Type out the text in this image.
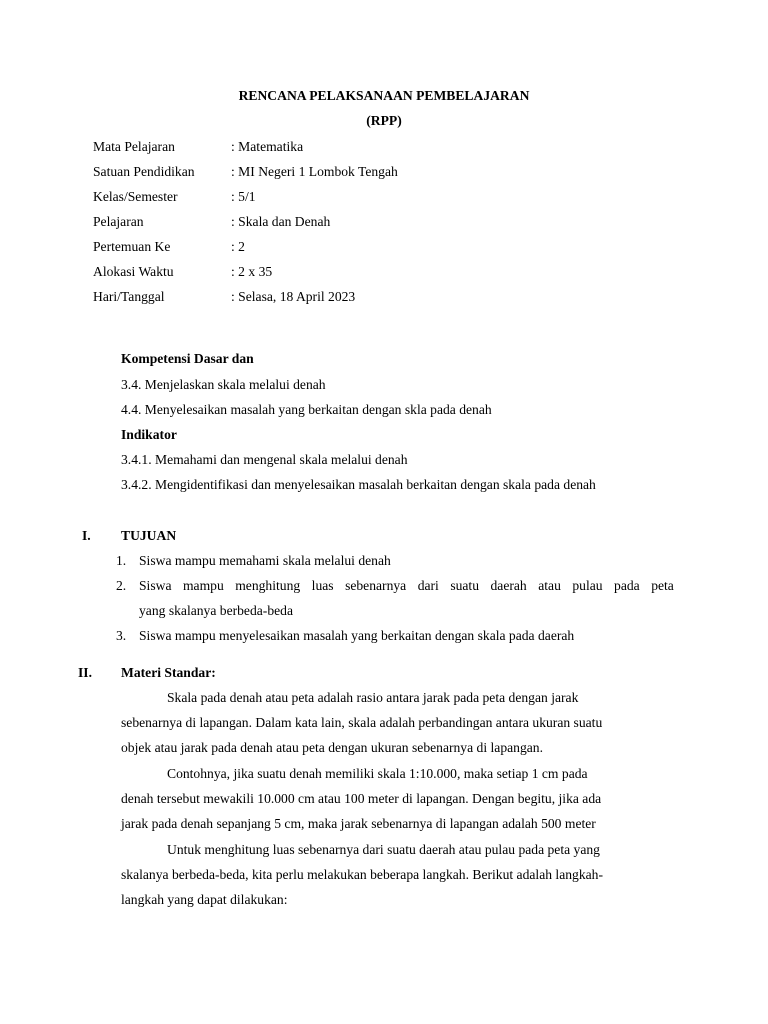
RENCANA PELAKSANAAN PEMBELAJARAN
(RPP)
Mata Pelajaran	: Matematika
Satuan Pendidikan	: MI Negeri 1 Lombok Tengah
Kelas/Semester	: 5/1
Pelajaran	: Skala dan Denah
Pertemuan Ke	: 2
Alokasi Waktu	: 2 x 35
Hari/Tanggal	: Selasa, 18 April 2023
Kompetensi Dasar dan
3.4. Menjelaskan skala melalui denah
4.4. Menyelesaikan masalah yang berkaitan dengan skla pada denah
Indikator
3.4.1. Memahami dan mengenal skala melalui denah
3.4.2. Mengidentifikasi dan menyelesaikan masalah berkaitan dengan skala pada denah
I. TUJUAN
1. Siswa mampu memahami skala melalui denah
2. Siswa mampu menghitung luas sebenarnya dari suatu daerah atau pulau pada peta
yang skalanya berbeda-beda
3. Siswa mampu menyelesaikan masalah yang berkaitan dengan skala pada daerah
II. Materi Standar:
Skala pada denah atau peta adalah rasio antara jarak pada peta dengan jarak
sebenarnya di lapangan. Dalam kata lain, skala adalah perbandingan antara ukuran suatu
objek atau jarak pada denah atau peta dengan ukuran sebenarnya di lapangan.
Contohnya, jika suatu denah memiliki skala 1:10.000, maka setiap 1 cm pada
denah tersebut mewakili 10.000 cm atau 100 meter di lapangan. Dengan begitu, jika ada
jarak pada denah sepanjang 5 cm, maka jarak sebenarnya di lapangan adalah 500 meter
Untuk menghitung luas sebenarnya dari suatu daerah atau pulau pada peta yang
skalanya berbeda-beda, kita perlu melakukan beberapa langkah. Berikut adalah langkah-
langkah yang dapat dilakukan:
